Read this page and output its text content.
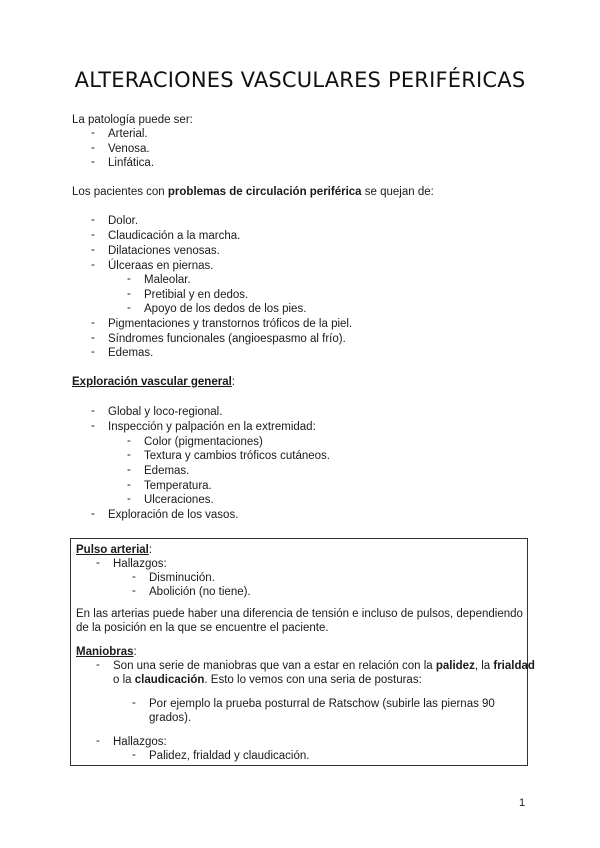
ALTERACIONES VASCULARES PERIFÉRICAS
La patología puede ser:
- Arterial.
- Venosa.
- Linfática.
Los pacientes con problemas de circulación periférica se quejan de:
- Dolor.
- Claudicación a la marcha.
- Dilataciones venosas.
- Úlceraas en piernas.
- Maleolar.
- Pretibial y en dedos.
- Apoyo de los dedos de los pies.
- Pigmentaciones y transtornos tróficos de la piel.
- Síndromes funcionales (angioespasmo al frío).
- Edemas.
Exploración vascular general:
- Global y loco-regional.
- Inspección y palpación en la extremidad:
- Color (pigmentaciones)
- Textura y cambios tróficos cutáneos.
- Edemas.
- Temperatura.
- Ulceraciones.
- Exploración de los vasos.
Pulso arterial:
- Hallazgos:
- Disminución.
- Abolición (no tiene).
En las arterias puede haber una diferencia de tensión e incluso de pulsos, dependiendo
de la posición en la que se encuentre el paciente.
Maniobras:
- Son una serie de maniobras que van a estar en relación con la palidez, la frialdad
o la claudicación. Esto lo vemos con una seria de posturas:
- Por ejemplo la prueba posturral de Ratschow (subirle las piernas 90
grados).
- Hallazgos:
- Palidez, frialdad y claudicación.
1
